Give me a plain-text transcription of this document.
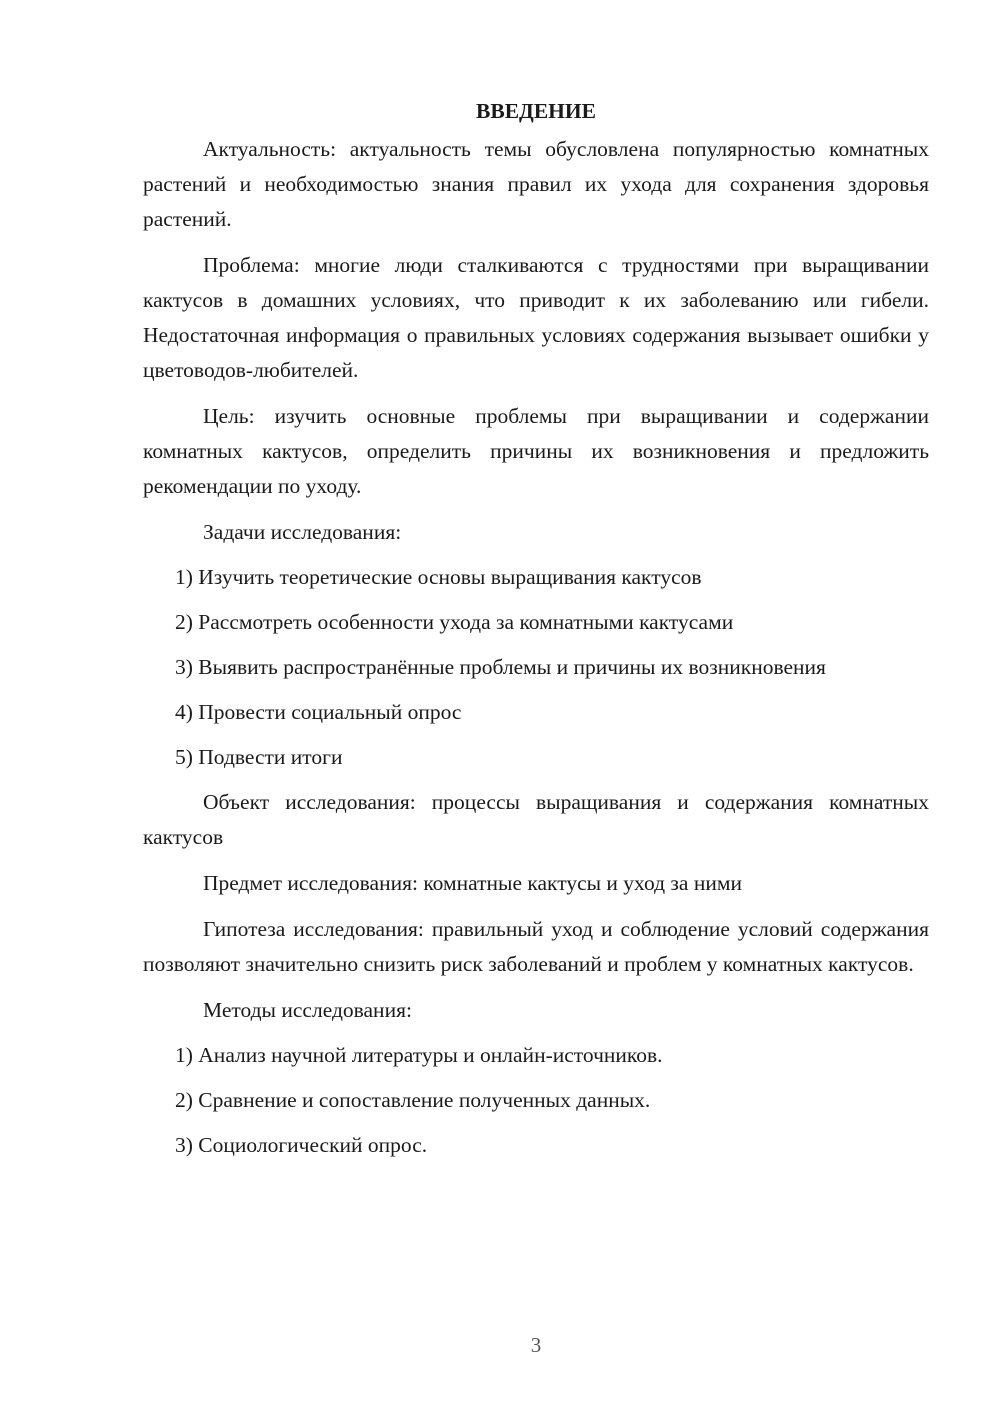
ВВЕДЕНИЕ

Актуальность: актуальность темы обусловлена популярностью комнатных растений и необходимостью знания правил их ухода для сохранения здоровья растений.

Проблема: многие люди сталкиваются с трудностями при выращивании кактусов в домашних условиях, что приводит к их заболеванию или гибели. Недостаточная информация о правильных условиях содержания вызывает ошибки у цветоводов-любителей.

Цель: изучить основные проблемы при выращивании и содержании комнатных кактусов, определить причины их возникновения и предложить рекомендации по уходу.

Задачи исследования:

1) Изучить теоретические основы выращивания кактусов

2) Рассмотреть особенности ухода за комнатными кактусами

3) Выявить распространённые проблемы и причины их возникновения

4) Провести социальный опрос

5) Подвести итоги

Объект исследования: процессы выращивания и содержания комнатных кактусов

Предмет исследования: комнатные кактусы и уход за ними

Гипотеза исследования: правильный уход и соблюдение условий содержания позволяют значительно снизить риск заболеваний и проблем у комнатных кактусов.

Методы исследования:

1) Анализ научной литературы и онлайн-источников.

2) Сравнение и сопоставление полученных данных.

3) Социологический опрос.

3
